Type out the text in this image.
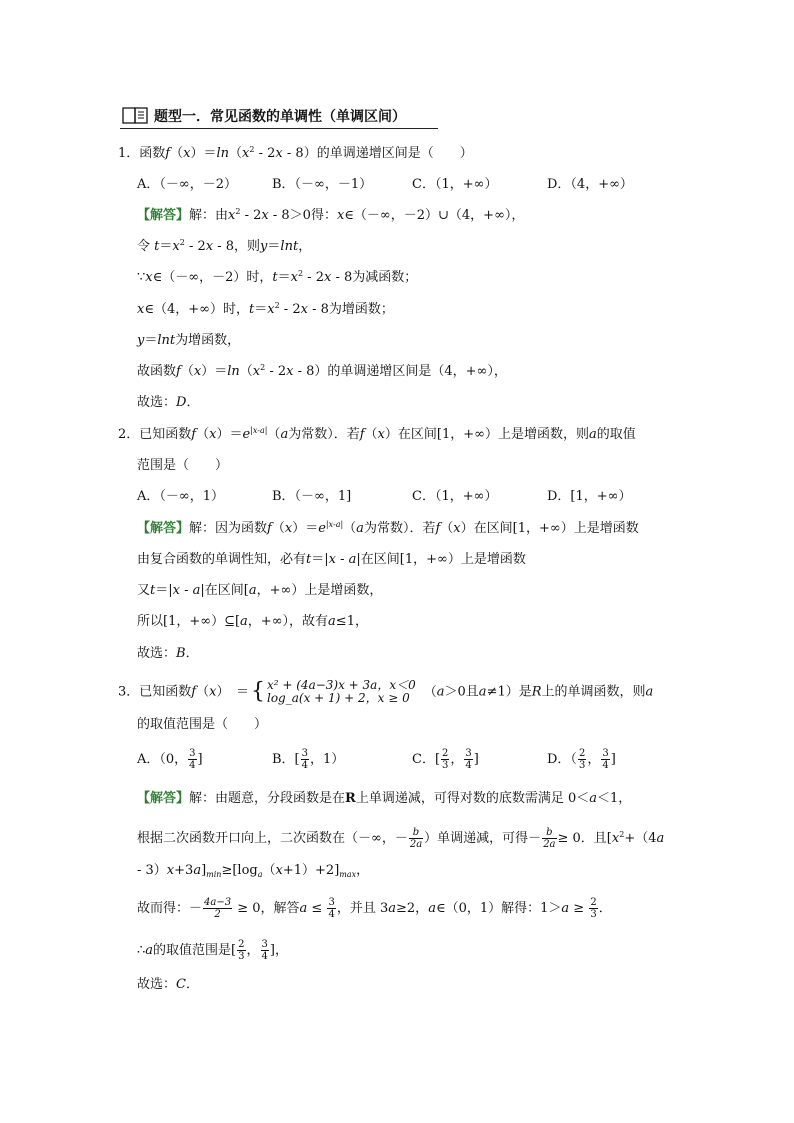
题型一．常见函数的单调性（单调区间）
1．函数$f(x)=\ln(x^2 - 2x - 8)$的单调递增区间是（　　）
A．（－∞，－2）	B．（－∞，－1）	C．（1，+∞）	D．（4，+∞）
【解答】解：由$x^2 - 2x - 8>0$得：x∈（－∞，－2）∪（4，+∞），
令 $t=x^2 - 2x - 8$，则y＝lnt，
∵x∈（－∞，－2）时，$t=x^2 - 2x - 8$为减函数；
x∈（4，+∞）时，$t=x^2 - 2x - 8$为增函数；
y＝lnt为增函数，
故函数$f(x)=\ln(x^2 - 2x - 8)$的单调递增区间是（4，+∞），
故选：D．
2．已知函数$f(x)=e^{|x-a|}(a$为常数）．若f（x）在区间[1，+∞）上是增函数，则a的取值
范围是（　　）
A．（－∞，1）	B．（－∞，1]	C．（1，+∞）	D．[1，+∞）
【解答】解：因为函数$f(x)=e^{|x-a|}(a$为常数）．若f（x）在区间[1，+∞）上是增函数
由复合函数的单调性知，必有t＝|x - a|在区间[1，+∞）上是增函数
又t＝|x - a|在区间[a，+∞）上是增函数，
所以[1，+∞）⊆[a，+∞），故有a≤1，
故选：B．
3．已知函数f（x）　＝{ x² + (4a−3)x + 3a，x＜0
log_a(x + 1) + 2，x ≥ 0	（a＞0且a≠1）是R上的单调函数，则a
的取值范围是（　　）
A．（0， $\frac{3}{4}$ ]	B．[ $\frac{3}{4}$ ，1）	C．[ $\frac{2}{3}$ ， $\frac{3}{4}$ ]	D．（ $\frac{2}{3}$ ， $\frac{3}{4}$ ]
【解答】解：由题意，分段函数是在R上单调递减，可得对数的底数需满足 0＜a＜1，
根据二次函数开口向上，二次函数在（－∞，－ $\frac{b}{2a}$ ）单调递减，可得－ $\frac{b}{2a} \ge 0$．且[$x^2+(4a$
- $3)x+3a]_{min}\ge[\log_a(x+1)+2]_{max}$，
故而得：－ $\frac{4a-3}{2} \ge 0$，解答$a \le \frac{3}{4}$ ，并且 3a≥2，a∈（0，1）解得：$1>a \ge \frac{2}{3}$ ．
∴a的取值范围是[ $\frac{2}{3}$ ， $\frac{3}{4}$ ]，
故选：C．
